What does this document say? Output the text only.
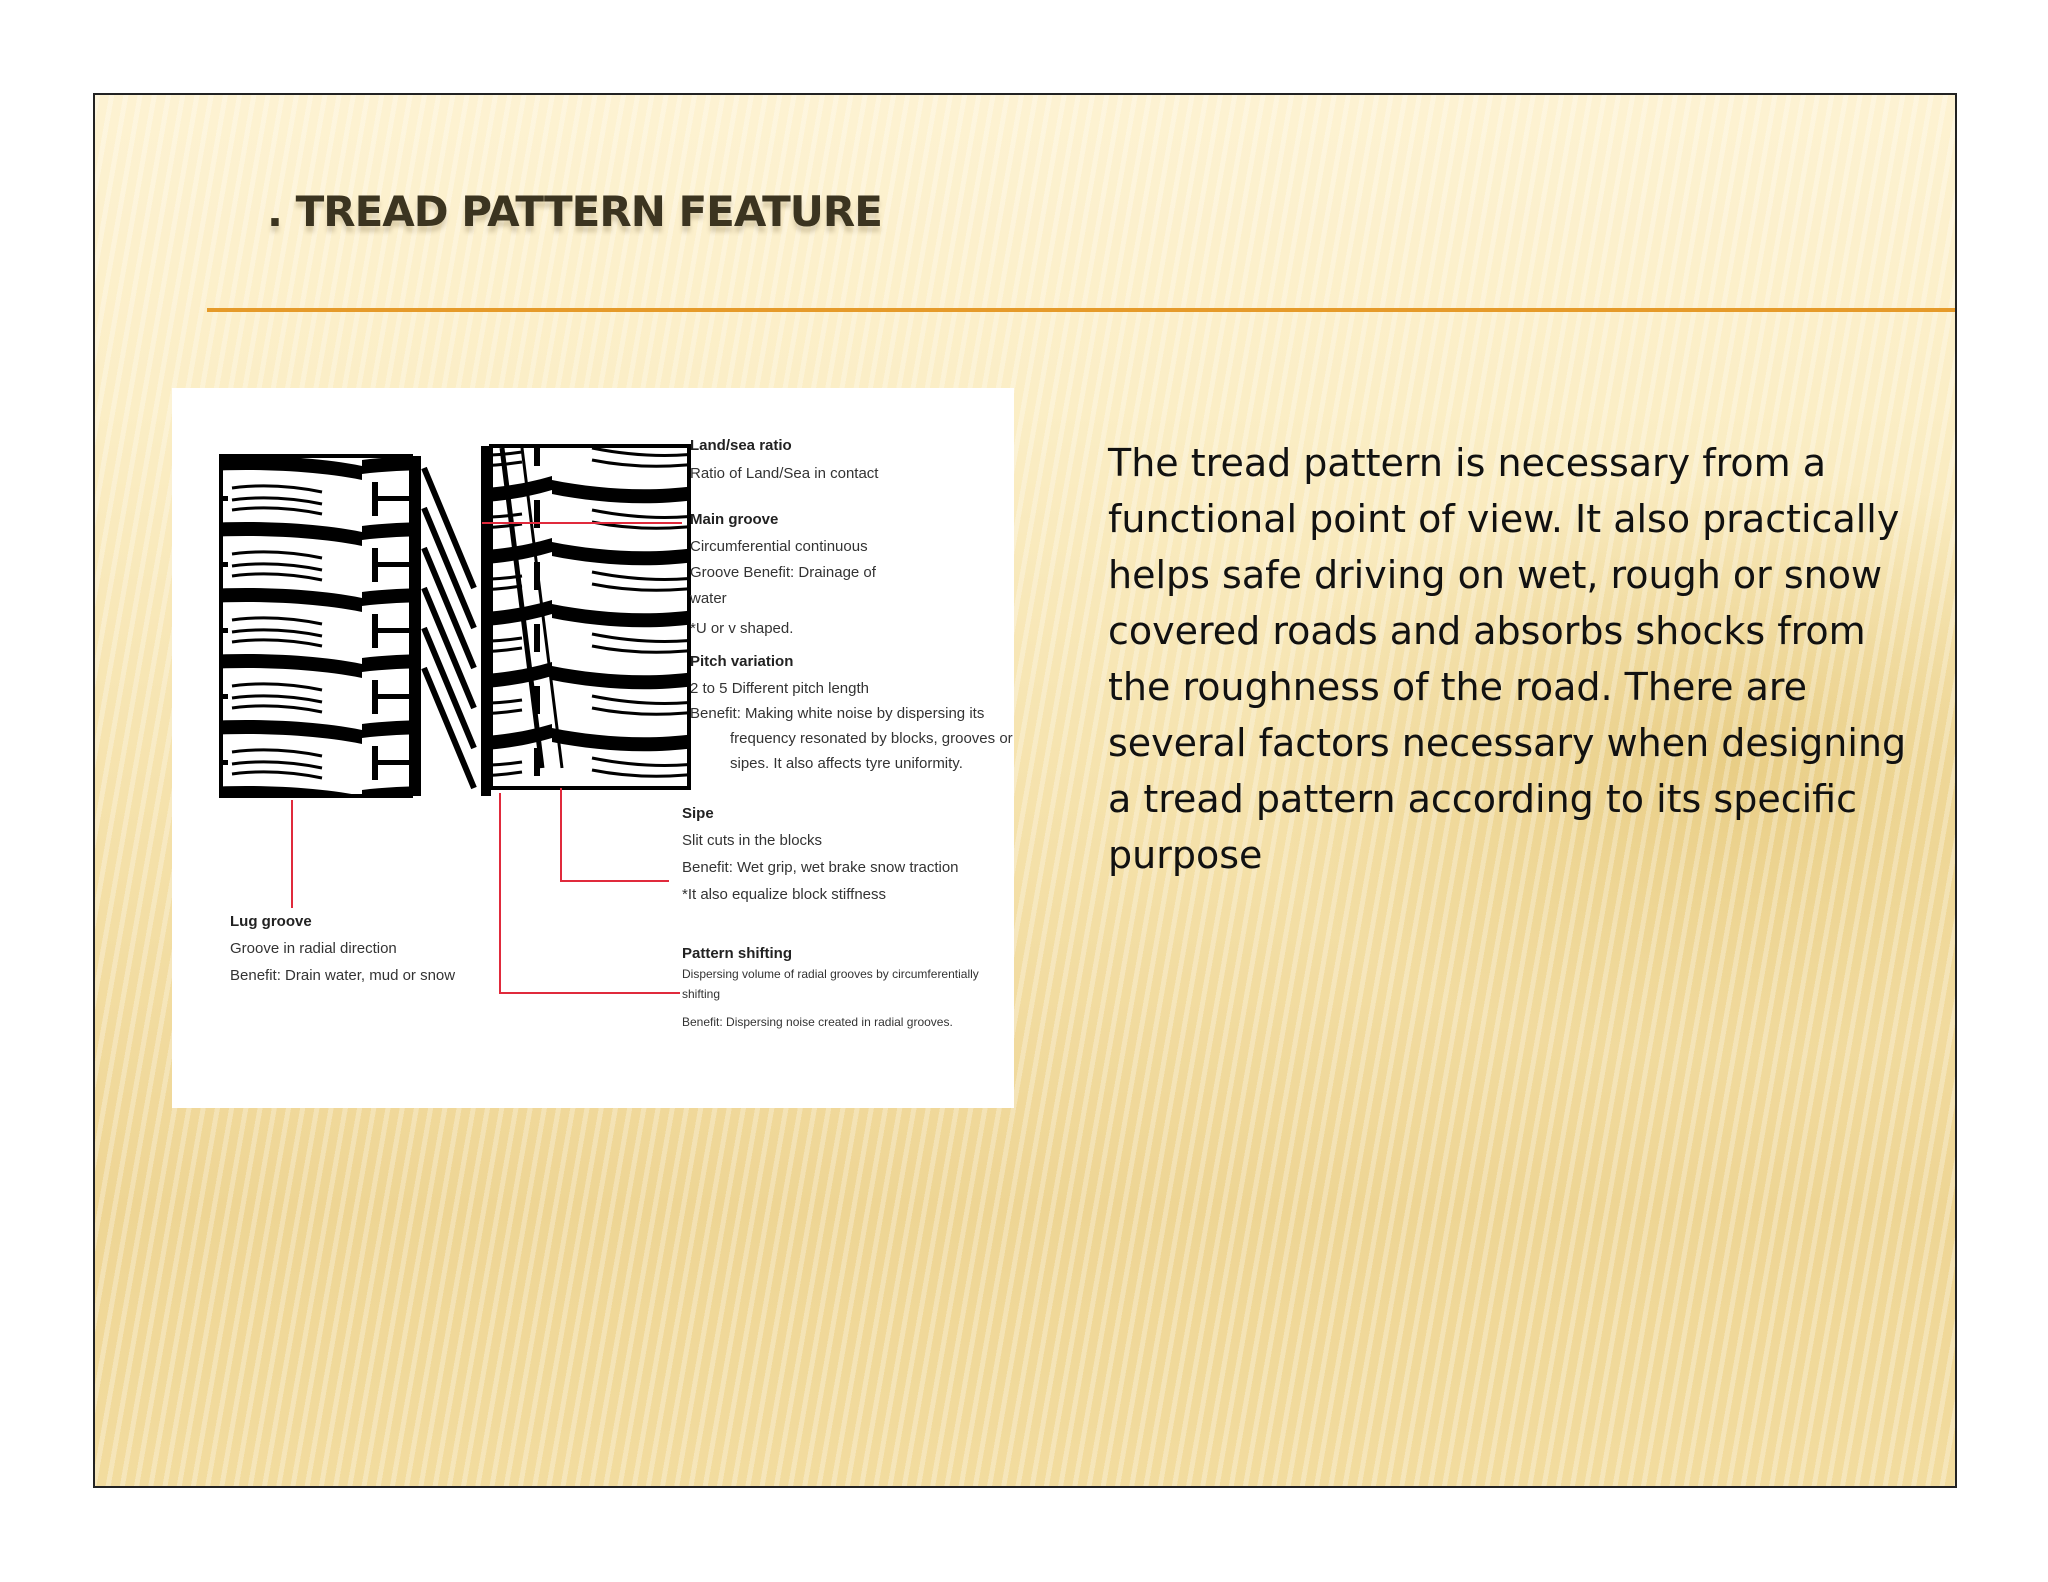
. TREAD PATTERN FEATURE
Land/sea ratio
Ratio of Land/Sea in contact
Main groove
Circumferential continuous
Groove Benefit: Drainage of
water
*U or v shaped.
Pitch variation
2 to 5 Different pitch length
Benefit: Making white noise by dispersing its
frequency resonated by blocks, grooves or
sipes. It also affects tyre uniformity.
Sipe
Slit cuts in the blocks
Benefit: Wet grip, wet brake snow traction
*It also equalize block stiffness
Lug groove
Groove in radial direction
Benefit: Drain water, mud or snow
Pattern shifting
Dispersing volume of radial grooves by circumferentially
shifting
Benefit: Dispersing noise created in radial grooves.

The tread pattern is necessary from a functional point of view. It also practically helps safe driving on wet, rough or snow covered roads and absorbs shocks from the roughness of the road. There are several factors necessary when designing a tread pattern according to its specific purpose
